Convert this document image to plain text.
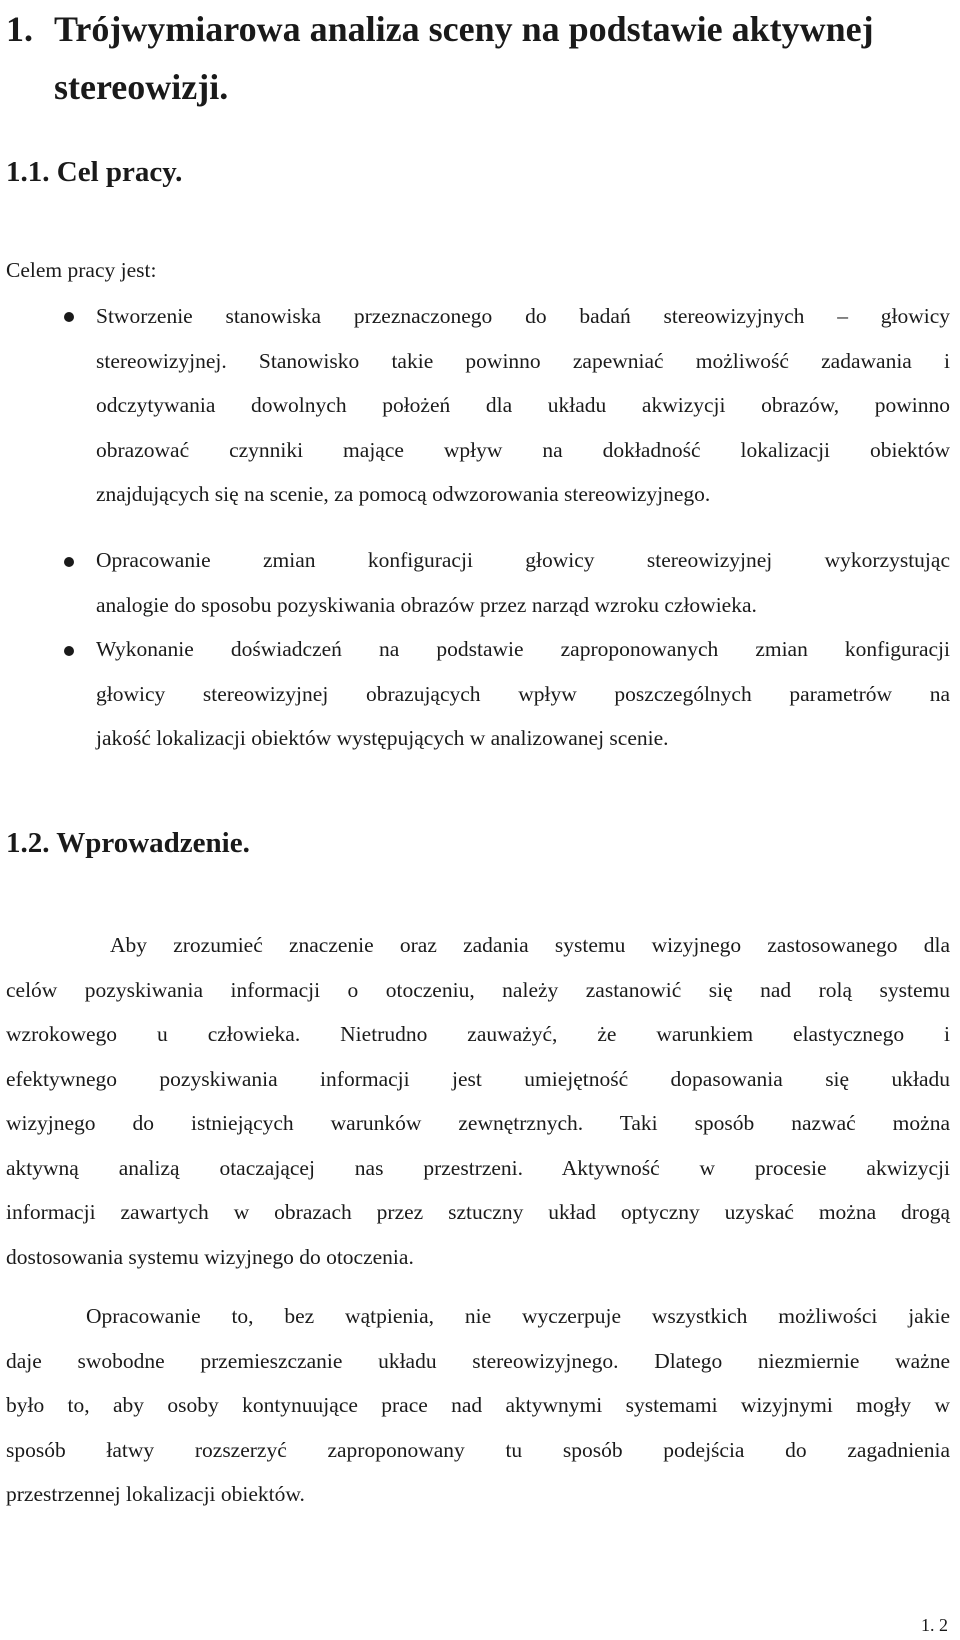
1. Trójwymiarowa analiza sceny na podstawie aktywnej
stereowizji.
1.1. Cel pracy.
Celem pracy jest:
Stworzenie stanowiska przeznaczonego do badań stereowizyjnych – głowicy
stereowizyjnej. Stanowisko takie powinno zapewniać możliwość zadawania i
odczytywania dowolnych położeń dla układu akwizycji obrazów, powinno
obrazować czynniki mające wpływ na dokładność lokalizacji obiektów
znajdujących się na scenie, za pomocą odwzorowania stereowizyjnego.
Opracowanie zmian konfiguracji głowicy stereowizyjnej wykorzystując
analogie do sposobu pozyskiwania obrazów przez narząd wzroku człowieka.
Wykonanie doświadczeń na podstawie zaproponowanych zmian konfiguracji
głowicy stereowizyjnej obrazujących wpływ poszczególnych parametrów na
jakość lokalizacji obiektów występujących w analizowanej scenie.
1.2. Wprowadzenie.
Aby zrozumieć znaczenie oraz zadania systemu wizyjnego zastosowanego dla
celów pozyskiwania informacji o otoczeniu, należy zastanowić się nad rolą systemu
wzrokowego u człowieka. Nietrudno zauważyć, że warunkiem elastycznego i
efektywnego pozyskiwania informacji jest umiejętność dopasowania się układu
wizyjnego do istniejących warunków zewnętrznych. Taki sposób nazwać można
aktywną analizą otaczającej nas przestrzeni. Aktywność w procesie akwizycji
informacji zawartych w obrazach przez sztuczny układ optyczny uzyskać można drogą
dostosowania systemu wizyjnego do otoczenia.
Opracowanie to, bez wątpienia, nie wyczerpuje wszystkich możliwości jakie
daje swobodne przemieszczanie układu stereowizyjnego. Dlatego niezmiernie ważne
było to, aby osoby kontynuujące prace nad aktywnymi systemami wizyjnymi mogły w
sposób łatwy rozszerzyć zaproponowany tu sposób podejścia do zagadnienia
przestrzennej lokalizacji obiektów.
1. 2
